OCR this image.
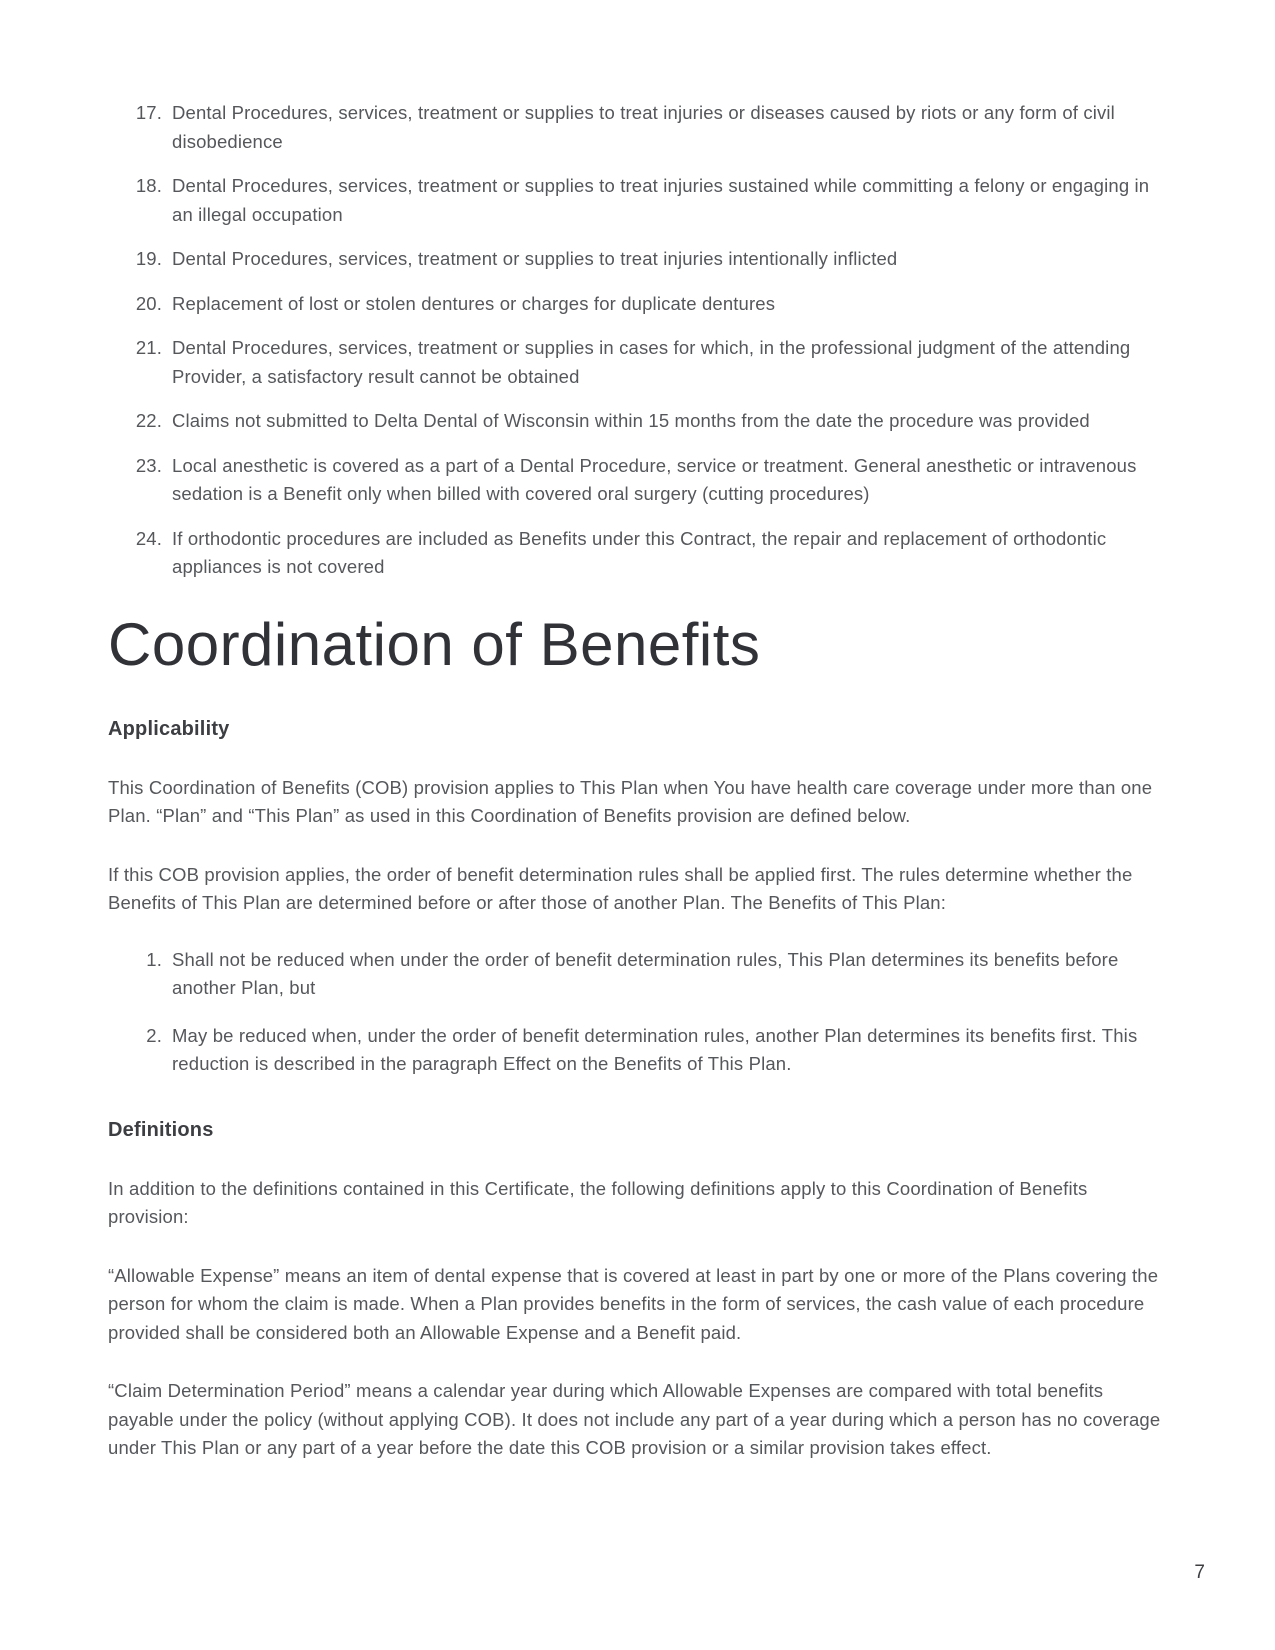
17. Dental Procedures, services, treatment or supplies to treat injuries or diseases caused by riots or any form of civil disobedience
18. Dental Procedures, services, treatment or supplies to treat injuries sustained while committing a felony or engaging in an illegal occupation
19. Dental Procedures, services, treatment or supplies to treat injuries intentionally inflicted
20. Replacement of lost or stolen dentures or charges for duplicate dentures
21. Dental Procedures, services, treatment or supplies in cases for which, in the professional judgment of the attending Provider, a satisfactory result cannot be obtained
22. Claims not submitted to Delta Dental of Wisconsin within 15 months from the date the procedure was provided
23. Local anesthetic is covered as a part of a Dental Procedure, service or treatment. General anesthetic or intravenous sedation is a Benefit only when billed with covered oral surgery (cutting procedures)
24. If orthodontic procedures are included as Benefits under this Contract, the repair and replacement of orthodontic appliances is not covered
Coordination of Benefits
Applicability

This Coordination of Benefits (COB) provision applies to This Plan when You have health care coverage under more than one Plan. “Plan” and “This Plan” as used in this Coordination of Benefits provision are defined below.

If this COB provision applies, the order of benefit determination rules shall be applied first. The rules determine whether the Benefits of This Plan are determined before or after those of another Plan. The Benefits of This Plan:

1. Shall not be reduced when under the order of benefit determination rules, This Plan determines its benefits before another Plan, but
2. May be reduced when, under the order of benefit determination rules, another Plan determines its benefits first. This reduction is described in the paragraph Effect on the Benefits of This Plan.
Definitions

In addition to the definitions contained in this Certificate, the following definitions apply to this Coordination of Benefits provision:

“Allowable Expense” means an item of dental expense that is covered at least in part by one or more of the Plans covering the person for whom the claim is made. When a Plan provides benefits in the form of services, the cash value of each procedure provided shall be considered both an Allowable Expense and a Benefit paid.

“Claim Determination Period” means a calendar year during which Allowable Expenses are compared with total benefits payable under the policy (without applying COB). It does not include any part of a year during which a person has no coverage under This Plan or any part of a year before the date this COB provision or a similar provision takes effect.

7
